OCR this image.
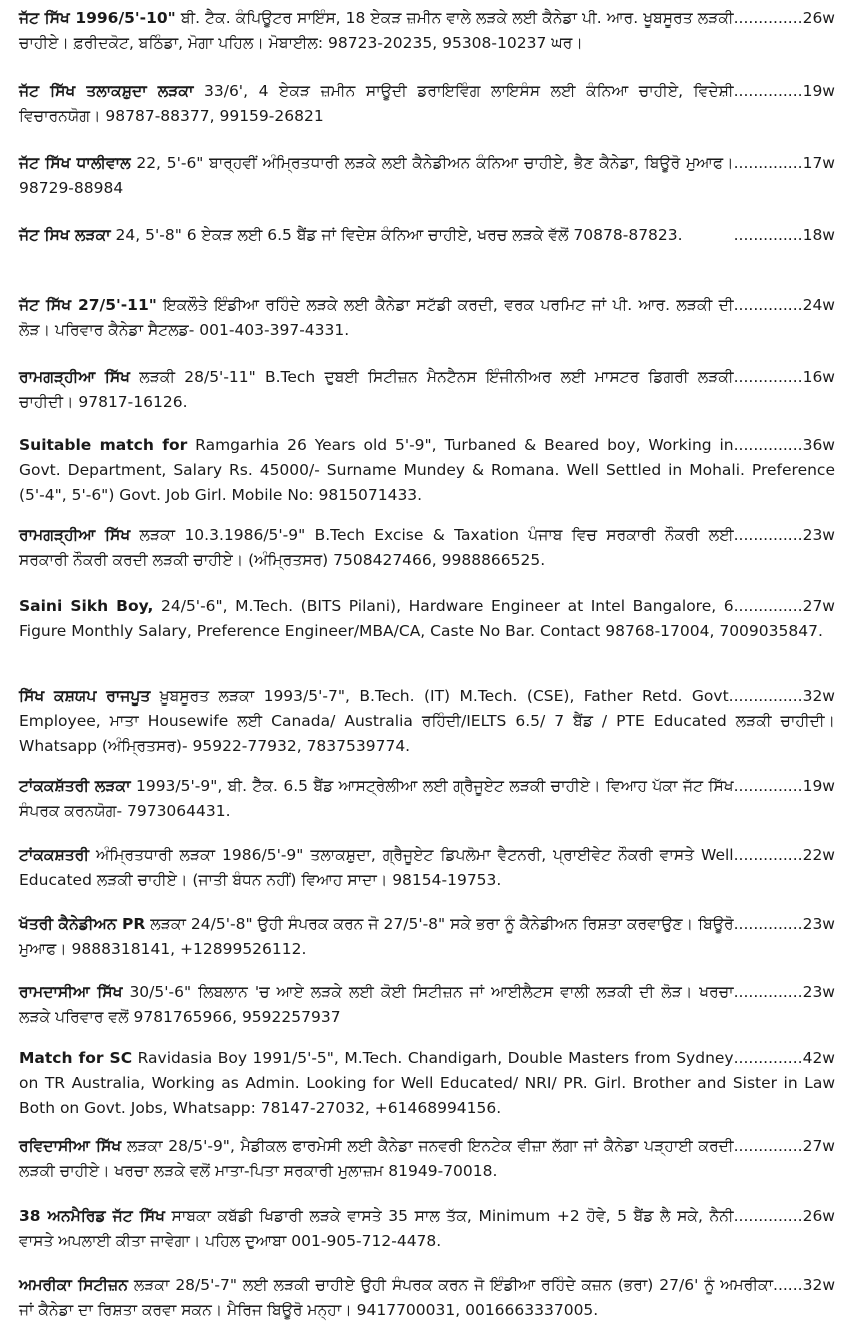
..............26w
ਜੱਟ ਸਿੱਖ 1996/5'-10" ਬੀ. ਟੈਕ. ਕੰਪਿਊਟਰ ਸਾਇੰਸ, 18 ਏਕੜ ਜ਼ਮੀਨ ਵਾਲੇ ਲੜਕੇ ਲਈ ਕੈਨੇਡਾ ਪੀ. ਆਰ. ਖੂਬਸੂਰਤ ਲੜਕੀ ਚਾਹੀਏ। ਫ਼ਰੀਦਕੋਟ, ਬਠਿੰਡਾ, ਮੋਗਾ ਪਹਿਲ। ਮੋਬਾਈਲ: 98723-20235, 95308-10237 ਘਰ।
..............19w
ਜੱਟ ਸਿੱਖ ਤਲਾਕਸ਼ੁਦਾ ਲੜਕਾ 33/6', 4 ਏਕੜ ਜ਼ਮੀਨ ਸਾਊਦੀ ਡਰਾਇਵਿੰਗ ਲਾਇਸੰਸ ਲਈ ਕੰਨਿਆ ਚਾਹੀਏ, ਵਿਦੇਸ਼ੀ ਵਿਚਾਰਨਯੋਗ। 98787-88377, 99159-26821
..............17w
ਜੱਟ ਸਿੱਖ ਧਾਲੀਵਾਲ 22, 5'-6" ਬਾਰ੍ਹਵੀਂ ਅੰਮ੍ਰਿਤਧਾਰੀ ਲੜਕੇ ਲਈ ਕੈਨੇਡੀਅਨ ਕੰਨਿਆ ਚਾਹੀਏ, ਭੈਣ ਕੈਨੇਡਾ, ਬਿਊਰੋ ਮੁਆਫ। 98729-88984
..............18w
ਜੱਟ ਸਿਖ ਲੜਕਾ 24, 5'-8" 6 ਏਕੜ ਲਈ 6.5 ਬੈਂਡ ਜਾਂ ਵਿਦੇਸ਼ ਕੰਨਿਆ ਚਾਹੀਏ, ਖਰਚ ਲੜਕੇ ਵੱਲੋਂ 70878-87823.
..............24w
ਜੱਟ ਸਿੱਖ 27/5'-11" ਇਕਲੌਤੇ ਇੰਡੀਆ ਰਹਿੰਦੇ ਲੜਕੇ ਲਈ ਕੈਨੇਡਾ ਸਟੱਡੀ ਕਰਦੀ, ਵਰਕ ਪਰਮਿਟ ਜਾਂ ਪੀ. ਆਰ. ਲੜਕੀ ਦੀ ਲੋੜ। ਪਰਿਵਾਰ ਕੈਨੇਡਾ ਸੈਟਲਡ- 001-403-397-4331.
..............16w
ਰਾਮਗੜ੍ਹੀਆ ਸਿੱਖ ਲੜਕੀ 28/5'-11" B.Tech ਦੁਬਈ ਸਿਟੀਜ਼ਨ ਮੈਨਟੈਨਸ ਇੰਜੀਨੀਅਰ ਲਈ ਮਾਸਟਰ ਡਿਗਰੀ ਲੜਕੀ ਚਾਹੀਦੀ। 97817-16126.
..............36w
Suitable match for Ramgarhia 26 Years old 5'-9", Turbaned & Beared boy, Working in Govt. Department, Salary Rs. 45000/- Surname Mundey & Romana. Well Settled in Mohali. Preference (5'-4", 5'-6") Govt. Job Girl. Mobile No: 9815071433.
..............23w
ਰਾਮਗੜ੍ਹੀਆ ਸਿੱਖ ਲੜਕਾ 10.3.1986/5'-9" B.Tech Excise & Taxation ਪੰਜਾਬ ਵਿਚ ਸਰਕਾਰੀ ਨੌਕਰੀ ਲਈ ਸਰਕਾਰੀ ਨੌਕਰੀ ਕਰਦੀ ਲੜਕੀ ਚਾਹੀਏ। (ਅੰਮ੍ਰਿਤਸਰ) 7508427466, 9988866525.
..............27w
Saini Sikh Boy, 24/5'-6", M.Tech. (BITS Pilani), Hardware Engineer at Intel Bangalore, 6 Figure Monthly Salary, Preference Engineer/MBA/CA, Caste No Bar. Contact 98768-17004, 7009035847.
..............32w
ਸਿੱਖ ਕਸ਼ਯਪ ਰਾਜਪੂਤ ਖ਼ੂਬਸੂਰਤ ਲੜਕਾ 1993/5'-7", B.Tech. (IT) M.Tech. (CSE), Father Retd. Govt. Employee, ਮਾਤਾ Housewife ਲਈ Canada/ Australia ਰਹਿੰਦੀ/IELTS 6.5/ 7 ਬੈਂਡ / PTE Educated ਲੜਕੀ ਚਾਹੀਦੀ। Whatsapp (ਅੰਮ੍ਰਿਤਸਰ)- 95922-77932, 7837539774.
..............19w
ਟਾਂਕਕਸ਼ੱਤਰੀ ਲੜਕਾ 1993/5'-9", ਬੀ. ਟੈੱਕ. 6.5 ਬੈਂਡ ਆਸਟ੍ਰੇਲੀਆ ਲਈ ਗ੍ਰੈਜੂਏਟ ਲੜਕੀ ਚਾਹੀਏ। ਵਿਆਹ ਪੱਕਾ ਜੱਟ ਸਿੱਖ ਸੰਪਰਕ ਕਰਨਯੋਗ- 7973064431.
..............22w
ਟਾਂਕਕਸ਼ਤਰੀ ਅੰਮ੍ਰਿਤਧਾਰੀ ਲੜਕਾ 1986/5'-9" ਤਲਾਕਸ਼ੁਦਾ, ਗ੍ਰੈਜੂਏਟ ਡਿਪਲੋਮਾ ਵੈਟਨਰੀ, ਪ੍ਰਾਈਵੇਟ ਨੌਕਰੀ ਵਾਸਤੇ Well Educated ਲੜਕੀ ਚਾਹੀਏ। (ਜਾਤੀ ਬੰਧਨ ਨਹੀਂ) ਵਿਆਹ ਸਾਦਾ। 98154-19753.
..............23w
ਖੱਤਰੀ ਕੈਨੇਡੀਅਨ PR ਲੜਕਾ 24/5'-8" ਉਹੀ ਸੰਪਰਕ ਕਰਨ ਜੋ 27/5'-8" ਸਕੇ ਭਰਾ ਨੂੰ ਕੈਨੇਡੀਅਨ ਰਿਸ਼ਤਾ ਕਰਵਾਉਣ। ਬਿਊਰੋ ਮੁਆਫ। 9888318141, +12899526112.
..............23w
ਰਾਮਦਾਸੀਆ ਸਿੱਖ 30/5'-6" ਲਿਬਲਾਨ 'ਚ ਆਏ ਲੜਕੇ ਲਈ ਕੋਈ ਸਿਟੀਜ਼ਨ ਜਾਂ ਆਈਲੈਟਸ ਵਾਲੀ ਲੜਕੀ ਦੀ ਲੋੜ। ਖਰਚਾ ਲੜਕੇ ਪਰਿਵਾਰ ਵਲੋਂ 9781765966, 9592257937
..............42w
Match for SC Ravidasia Boy 1991/5'-5", M.Tech. Chandigarh, Double Masters from Sydney on TR Australia, Working as Admin. Looking for Well Educated/ NRI/ PR. Girl. Brother and Sister in Law Both on Govt. Jobs, Whatsapp: 78147-27032, +61468994156.
..............27w
ਰਵਿਦਾਸੀਆ ਸਿੱਖ ਲੜਕਾ 28/5'-9", ਮੈਡੀਕਲ ਫਾਰਮੇਸੀ ਲਈ ਕੈਨੇਡਾ ਜਨਵਰੀ ਇਨਟੇਕ ਵੀਜ਼ਾ ਲੱਗਾ ਜਾਂ ਕੈਨੇਡਾ ਪੜ੍ਹਾਈ ਕਰਦੀ ਲੜਕੀ ਚਾਹੀਏ। ਖਰਚਾ ਲੜਕੇ ਵਲੋਂ ਮਾਤਾ-ਪਿਤਾ ਸਰਕਾਰੀ ਮੁਲਾਜ਼ਮ 81949-70018.
..............26w
38 ਅਨਮੈਰਿਡ ਜੱਟ ਸਿੱਖ ਸਾਬਕਾ ਕਬੱਡੀ ਖਿਡਾਰੀ ਲੜਕੇ ਵਾਸਤੇ 35 ਸਾਲ ਤੱਕ, Minimum +2 ਹੋਵੇ, 5 ਬੈਂਡ ਲੈ ਸਕੇ, ਨੈਨੀ ਵਾਸਤੇ ਅਪਲਾਈ ਕੀਤਾ ਜਾਵੇਗਾ। ਪਹਿਲ ਦੁਆਬਾ 001-905-712-4478.
......32w
ਅਮਰੀਕਾ ਸਿਟੀਜ਼ਨ ਲੜਕਾ 28/5'-7" ਲਈ ਲੜਕੀ ਚਾਹੀਏ ਉਹੀ ਸੰਪਰਕ ਕਰਨ ਜੋ ਇੰਡੀਆ ਰਹਿੰਦੇ ਕਜ਼ਨ (ਭਰਾ) 27/6' ਨੂੰ ਅਮਰੀਕਾ ਜਾਂ ਕੈਨੇਡਾ ਦਾ ਰਿਸ਼ਤਾ ਕਰਵਾ ਸਕਨ। ਮੈਰਿਜ ਬਿਊਰੋ ਮਨ੍ਹਾ। 9417700031, 0016663337005.
